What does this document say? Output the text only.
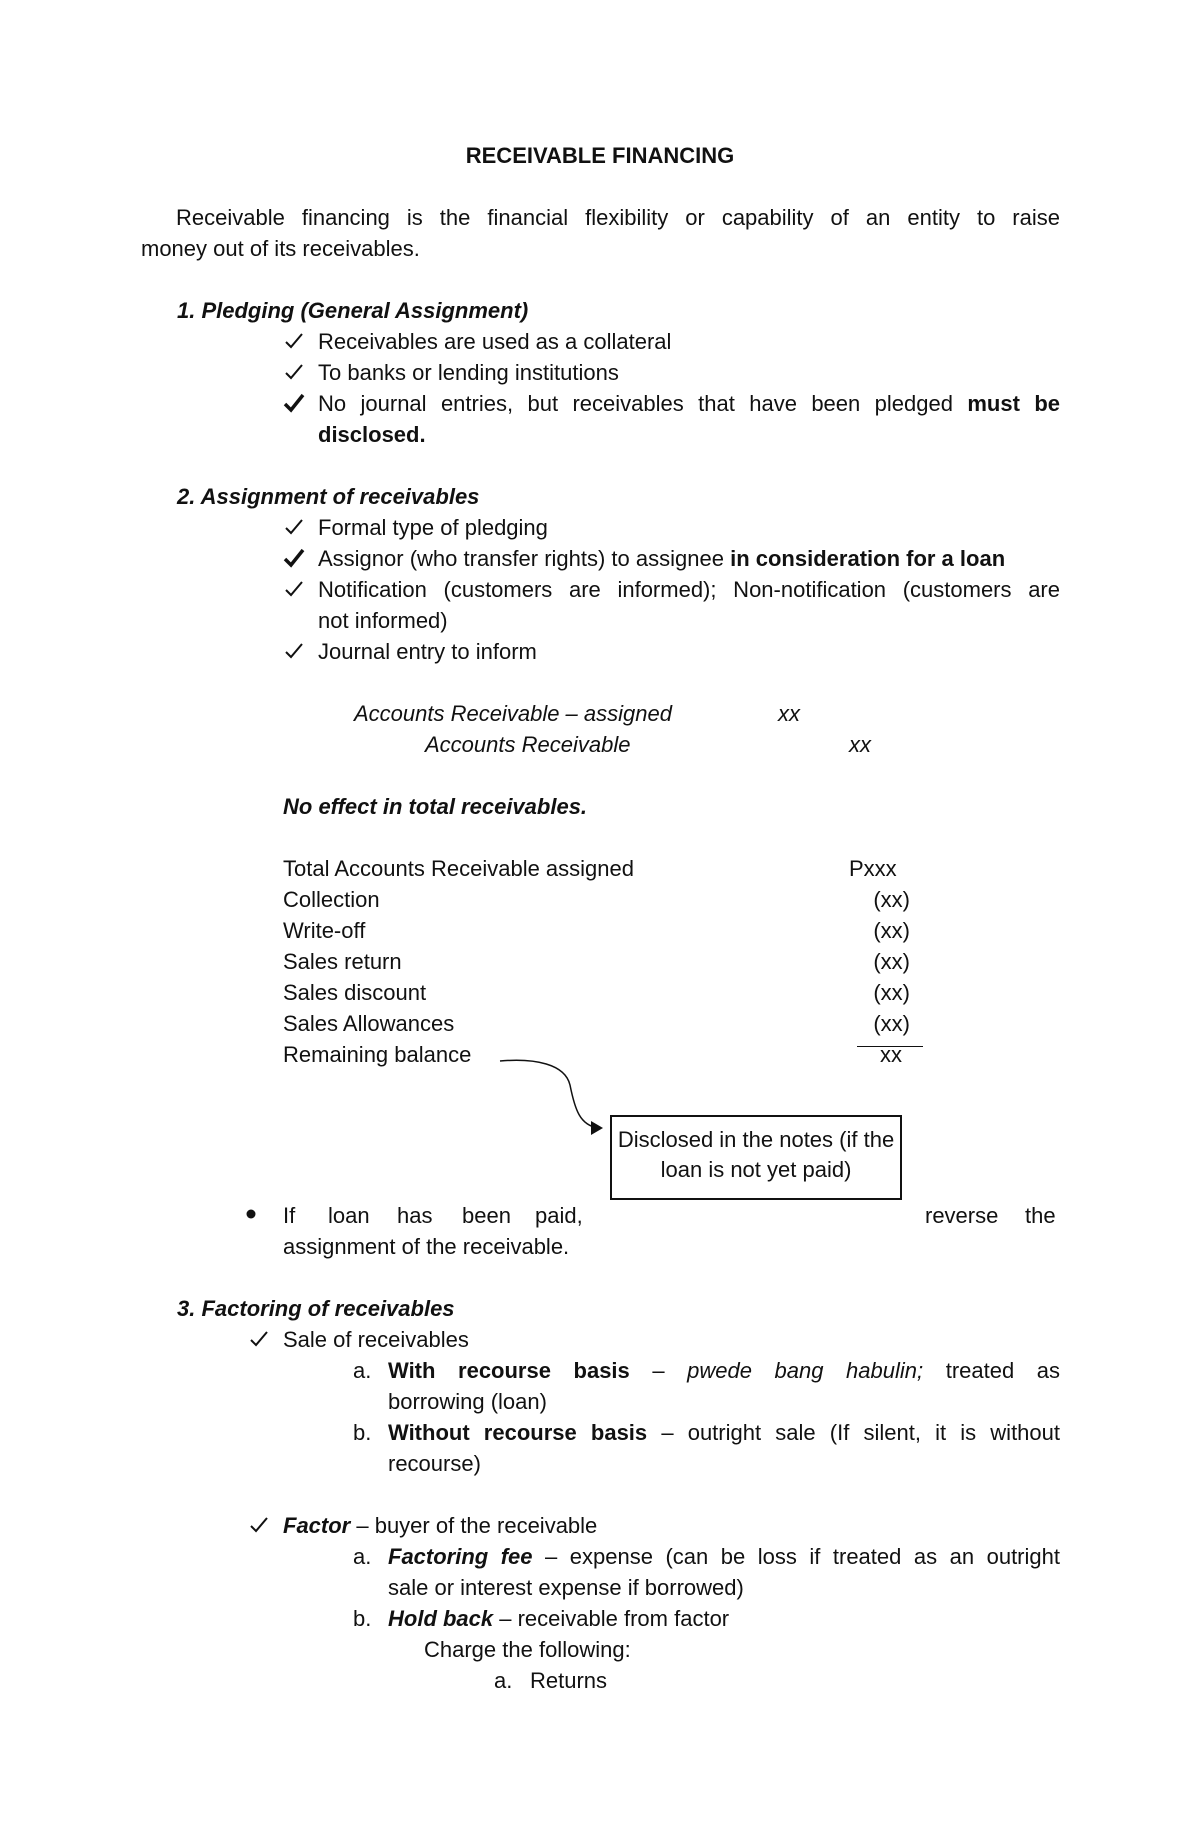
RECEIVABLE FINANCING
Receivable financing is the financial flexibility or capability of an entity to raise
money out of its receivables.
1. Pledging (General Assignment)
Receivables are used as a collateral
To banks or lending institutions
No journal entries, but receivables that have been pledged must be
disclosed.
2. Assignment of receivables
Formal type of pledging
Assignor (who transfer rights) to assignee in consideration for a loan
Notification (customers are informed); Non-notification (customers are
not informed)
Journal entry to inform
Accounts Receivable – assigned	xx
Accounts Receivable	xx
No effect in total receivables.
Total Accounts Receivable assigned	Pxxx
Collection	(xx)
Write-off	(xx)
Sales return	(xx)
Sales discount	(xx)
Sales Allowances	(xx)
Remaining balance	xx
Disclosed in the notes (if the loan is not yet paid)
If loan has been paid,	reverse the
assignment of the receivable.
3. Factoring of receivables
Sale of receivables
a. With recourse basis – pwede bang habulin; treated as
borrowing (loan)
b. Without recourse basis – outright sale (If silent, it is without
recourse)
Factor – buyer of the receivable
a. Factoring fee – expense (can be loss if treated as an outright
sale or interest expense if borrowed)
b. Hold back – receivable from factor
Charge the following:
a. Returns
